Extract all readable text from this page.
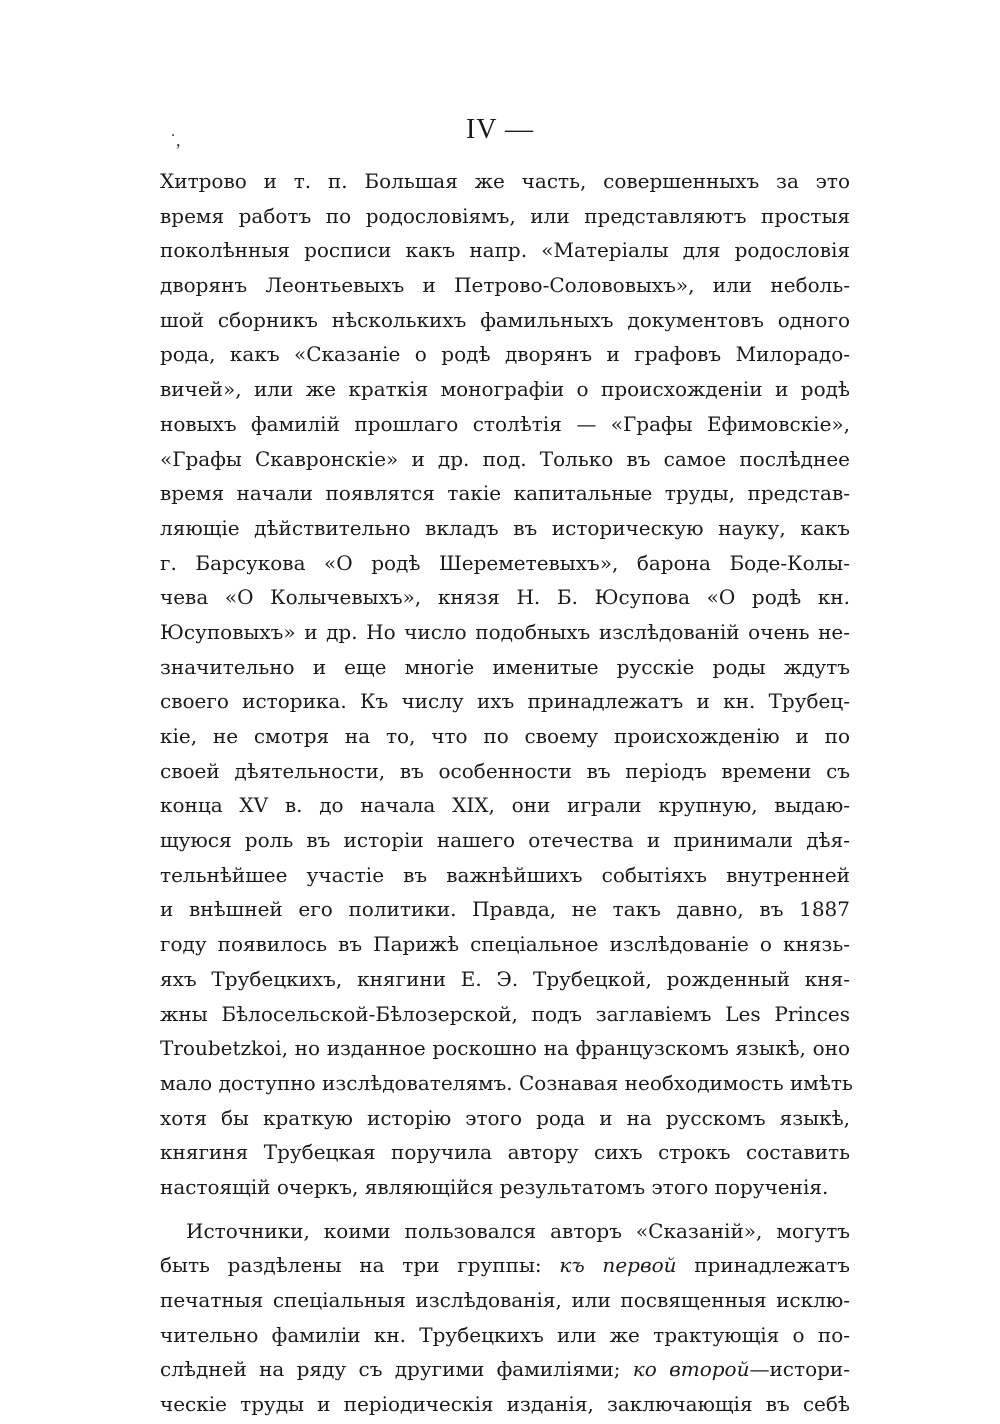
˙,	IV —
Хитрово и т. п. Большая же часть, совершенныхъ за это
время работъ по родословіямъ, или представляютъ простыя
поколѣнныя росписи какъ напр. «Матеріалы для родословія
дворянъ Леонтьевыхъ и Петрово-Солововыхъ», или неболь-
шой сборникъ нѣсколькихъ фамильныхъ документовъ одного
рода, какъ «Сказаніе о родѣ дворянъ и графовъ Милорадо-
вичей», или же краткія монографіи о происхожденіи и родѣ
новыхъ фамилій прошлаго столѣтія — «Графы Ефимовскіе»,
«Графы Скавронскіе» и др. под. Только въ самое послѣднее
время начали появлятся такіе капитальные труды, представ-
ляющіе дѣйствительно вкладъ въ историческую науку, какъ
г. Барсукова «О родѣ Шереметевыхъ», барона Боде-Колы-
чева «О Колычевыхъ», князя Н. Б. Юсупова «О родѣ кн.
Юсуповыхъ» и др. Но число подобныхъ изслѣдованій очень не-
значительно и еще многіе именитые русскіе роды ждутъ
своего историка. Къ числу ихъ принадлежатъ и кн. Трубец-
кіе, не смотря на то, что по своему происхожденію и по
своей дѣятельности, въ особенности въ періодъ времени съ
конца XV в. до начала XIX, они играли крупную, выдаю-
щуюся роль въ исторіи нашего отечества и принимали дѣя-
тельнѣйшее участіе въ важнѣйшихъ событіяхъ внутренней
и внѣшней его политики. Правда, не такъ давно, въ 1887
году появилось въ Парижѣ спеціальное изслѣдованіе о князь-
яхъ Трубецкихъ, княгини Е. Э. Трубецкой, рожденный кня-
жны Бѣлосельской-Бѣлозерской, подъ заглавіемъ Les Princes
Troubetzkoi, но изданное роскошно на французскомъ языкѣ, оно
мало доступно изслѣдователямъ. Сознавая необходимость имѣть
хотя бы краткую исторію этого рода и на русскомъ языкѣ,
княгиня Трубецкая поручила автору сихъ строкъ составить
настоящій очеркъ, являющійся результатомъ этого порученія.
Источники, коими пользовался авторъ «Сказаній», могутъ
быть раздѣлены на три группы: къ первой принадлежатъ
печатныя спеціальныя изслѣдованія, или посвященныя исклю-
чительно фамиліи кн. Трубецкихъ или же трактующія о по-
слѣдней на ряду съ другими фамиліями; ко второй—истори-
ческіе труды и періодическія изданія, заключающія въ себѣ
